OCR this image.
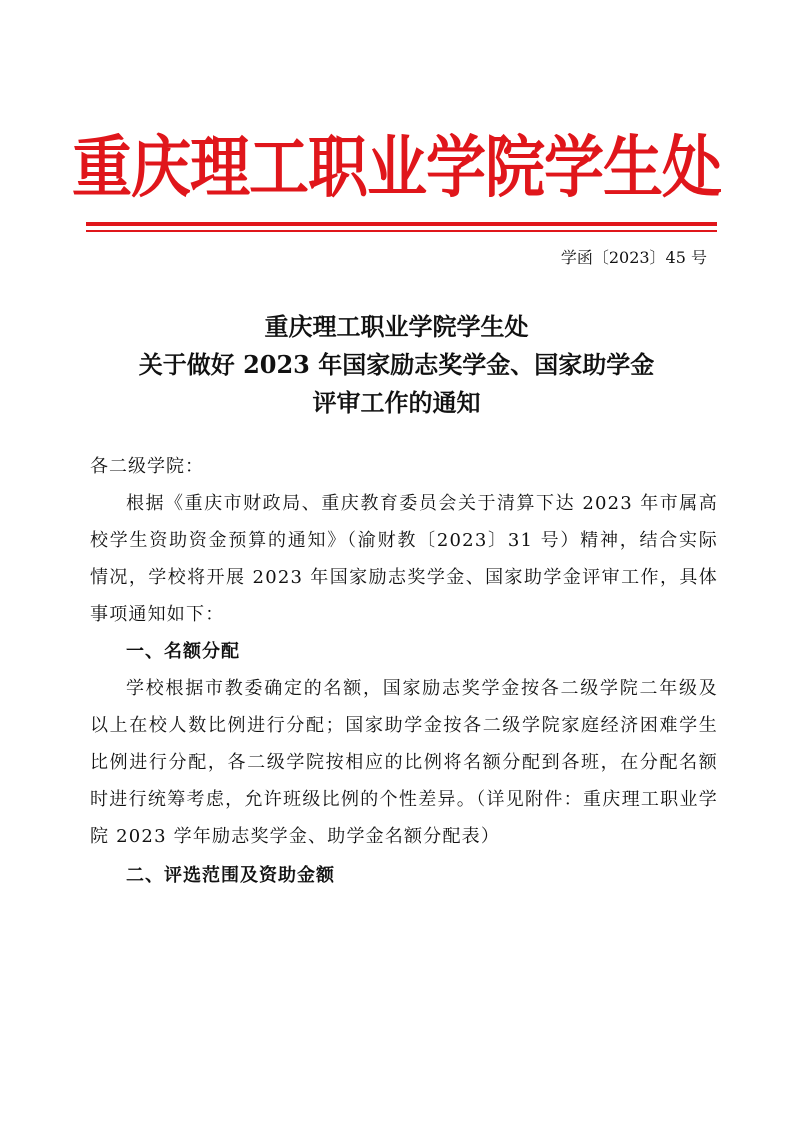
重庆理工职业学院学生处
学函〔2023〕45 号
重庆理工职业学院学生处
关于做好 2023 年国家励志奖学金、国家助学金
评审工作的通知

各二级学院：

根据《重庆市财政局、重庆教育委员会关于清算下达 2023 年市属高校学生资助资金预算的通知》（渝财教〔2023〕31 号）精神，结合实际情况，学校将开展 2023 年国家励志奖学金、国家助学金评审工作，具体事项通知如下：

一、名额分配

学校根据市教委确定的名额，国家励志奖学金按各二级学院二年级及以上在校人数比例进行分配；国家助学金按各二级学院家庭经济困难学生比例进行分配，各二级学院按相应的比例将名额分配到各班，在分配名额时进行统筹考虑，允许班级比例的个性差异。（详见附件：重庆理工职业学院 2023 学年励志奖学金、助学金名额分配表）

二、评选范围及资助金额
